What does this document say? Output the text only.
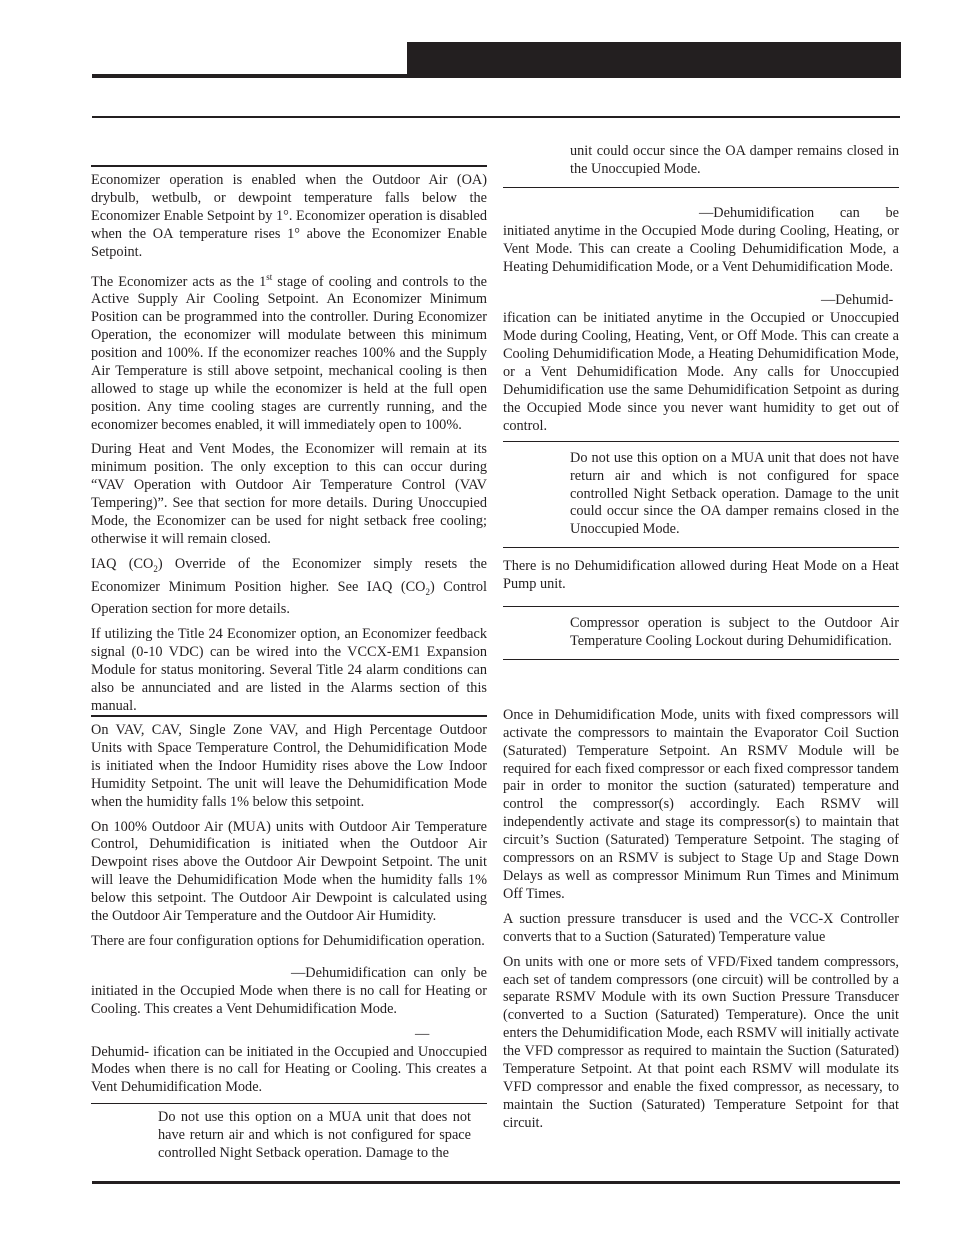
Economizer operation is enabled when the Outdoor Air (OA) drybulb, wetbulb, or dewpoint temperature falls below the Economizer Enable Setpoint by 1°. Economizer operation is disabled when the OA temperature rises 1° above the Economizer Enable Setpoint.

The Economizer acts as the 1st stage of cooling and controls to the Active Supply Air Cooling Setpoint. An Economizer Minimum Position can be programmed into the controller. During Economizer Operation, the economizer will modulate between this minimum position and 100%. If the economizer reaches 100% and the Supply Air Temperature is still above setpoint, mechanical cooling is then allowed to stage up while the economizer is held at the full open position. Any time cooling stages are currently running, and the economizer becomes enabled, it will immediately open to 100%.

During Heat and Vent Modes, the Economizer will remain at its minimum position. The only exception to this can occur during “VAV Operation with Outdoor Air Temperature Control (VAV Tempering)”. See that section for more details. During Unoccupied Mode, the Economizer can be used for night setback free cooling; otherwise it will remain closed.

IAQ $(CO_2)$ Override of the Economizer simply resets the Economizer Minimum Position higher. See IAQ $(CO_2)$ Control Operation section for more details.

If utilizing the Title 24 Economizer option, an Economizer feedback signal (0-10 VDC) can be wired into the VCCX-EM1 Expansion Module for status monitoring. Several Title 24 alarm conditions can also be annunciated and are listed in the Alarms section of this manual.

On VAV, CAV, Single Zone VAV, and High Percentage Outdoor Units with Space Temperature Control, the Dehumidification Mode is initiated when the Indoor Humidity rises above the Low Indoor Humidity Setpoint. The unit will leave the Dehumidification Mode when the humidity falls 1% below this setpoint.

On 100% Outdoor Air (MUA) units with Outdoor Air Temperature Control, Dehumidification is initiated when the Outdoor Air Dewpoint rises above the Outdoor Air Dewpoint Setpoint. The unit will leave the Dehumidification Mode when the humidity falls 1% below this setpoint. The Outdoor Air Dewpoint is calculated using the Outdoor Air Temperature and the Outdoor Air Humidity.

There are four configuration options for Dehumidification operation.

—Dehumidification can only be initiated in the Occupied Mode when there is no call for Heating or Cooling. This creates a Vent Dehumidification Mode.

—Dehumid- ification can be initiated in the Occupied and Unoccupied Modes when there is no call for Heating or Cooling. This creates a Vent Dehumidification Mode.

Do not use this option on a MUA unit that does not have return air and which is not configured for space controlled Night Setback operation. Damage to the

unit could occur since the OA damper remains closed in the Unoccupied Mode.

—Dehumidification can be initiated anytime in the Occupied Mode during Cooling, Heating, or Vent Mode. This can create a Cooling Dehumidification Mode, a Heating Dehumidification Mode, or a Vent Dehumidification Mode.

—Dehumid- ification can be initiated anytime in the Occupied or Unoccupied Mode during Cooling, Heating, Vent, or Off Mode. This can create a Cooling Dehumidification Mode, a Heating Dehumidification Mode, or a Vent Dehumidification Mode. Any calls for Unoccupied Dehumidification use the same Dehumidification Setpoint as during the Occupied Mode since you never want humidity to get out of control.

Do not use this option on a MUA unit that does not have return air and which is not configured for space controlled Night Setback operation. Damage to the unit could occur since the OA damper remains closed in the Unoccupied Mode.

There is no Dehumidification allowed during Heat Mode on a Heat Pump unit.

Compressor operation is subject to the Outdoor Air Temperature Cooling Lockout during Dehumidification.

Once in Dehumidification Mode, units with fixed compressors will activate the compressors to maintain the Evaporator Coil Suction (Saturated) Temperature Setpoint. An RSMV Module will be required for each fixed compressor or each fixed compressor tandem pair in order to monitor the suction (saturated) temperature and control the compressor(s) accordingly. Each RSMV will independently activate and stage its compressor(s) to maintain that circuit’s Suction (Saturated) Temperature Setpoint. The staging of compressors on an RSMV is subject to Stage Up and Stage Down Delays as well as compressor Minimum Run Times and Minimum Off Times.

A suction pressure transducer is used and the VCC-X Controller converts that to a Suction (Saturated) Temperature value

On units with one or more sets of VFD/Fixed tandem compressors, each set of tandem compressors (one circuit) will be controlled by a separate RSMV Module with its own Suction Pressure Transducer (converted to a Suction (Saturated) Temperature). Once the unit enters the Dehumidification Mode, each RSMV will initially activate the VFD compressor as required to maintain the Suction (Saturated) Temperature Setpoint. At that point each RSMV will modulate its VFD compressor and enable the fixed compressor, as necessary, to maintain the Suction (Saturated) Temperature Setpoint for that circuit.
